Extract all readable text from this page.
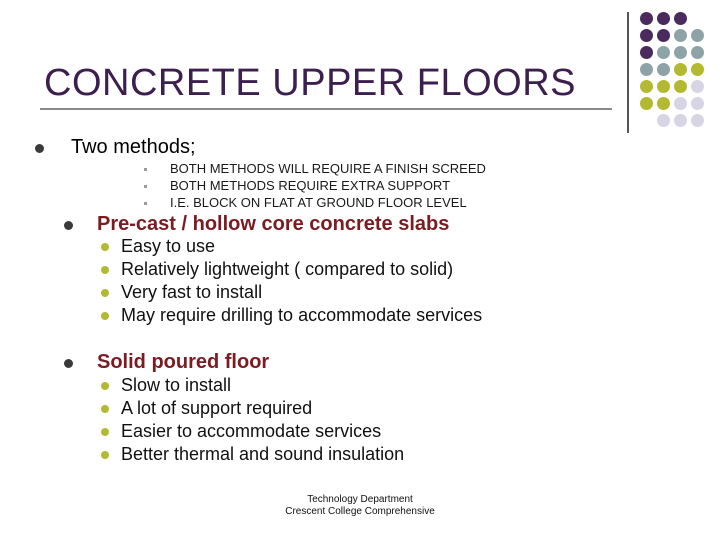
CONCRETE UPPER FLOORS
Two methods;
BOTH METHODS WILL REQUIRE A FINISH SCREED
BOTH METHODS REQUIRE EXTRA SUPPORT
I.E. BLOCK ON FLAT AT GROUND FLOOR LEVEL
Pre-cast / hollow core concrete slabs
Easy to use
Relatively lightweight ( compared to solid)
Very fast to install
May require drilling to accommodate services
Solid poured floor
Slow to install
A lot of support required
Easier to accommodate services
Better thermal and sound insulation
Technology Department
Crescent College Comprehensive
